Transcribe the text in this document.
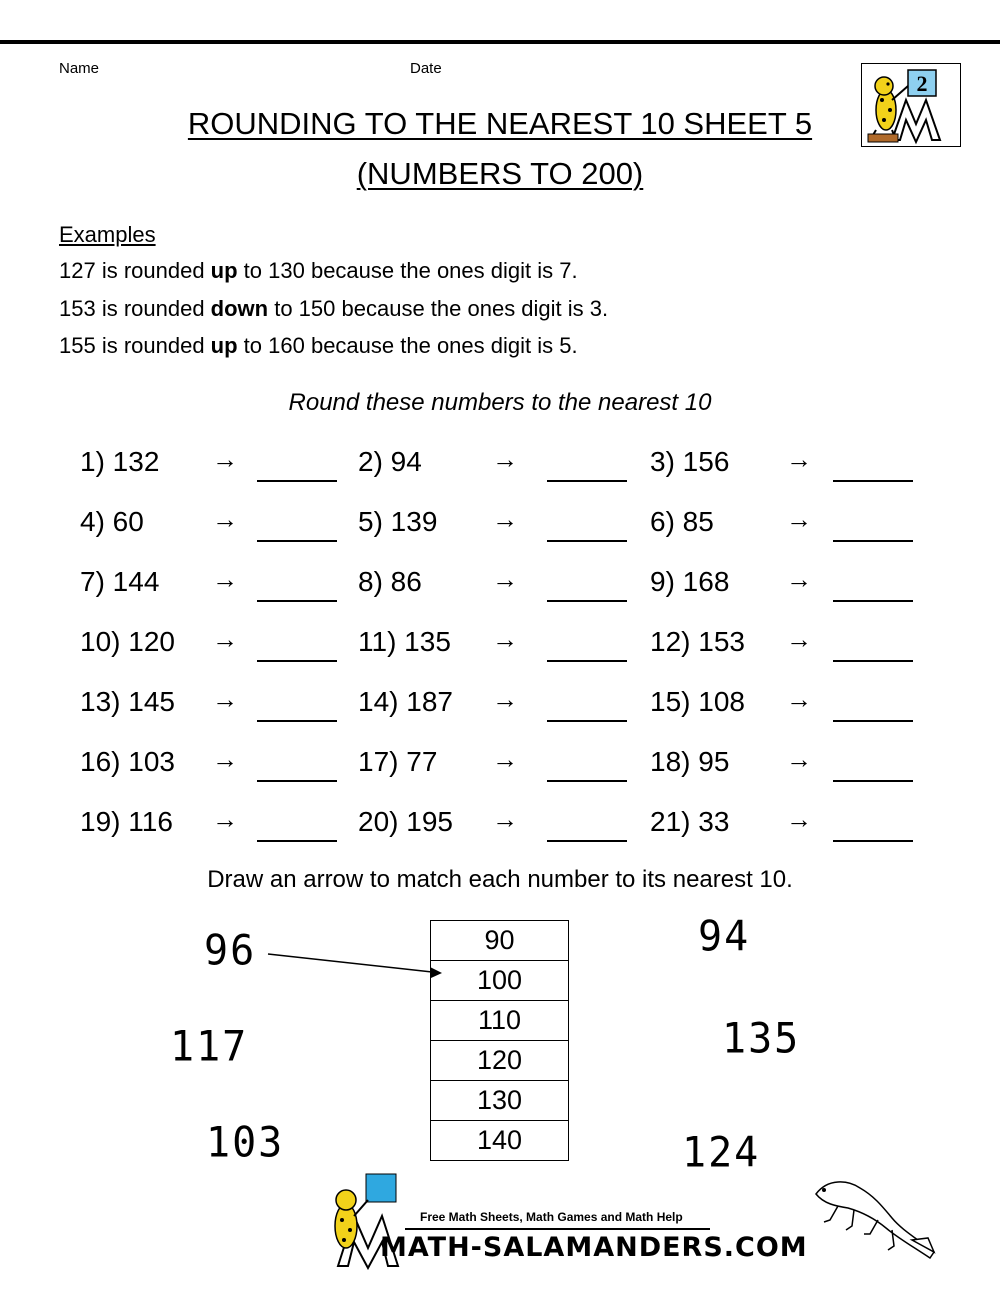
Name	Date
2
ROUNDING TO THE NEAREST 10 SHEET 5
(NUMBERS TO 200)
Examples
127 is rounded up to 130 because the ones digit is 7.
153 is rounded down to 150 because the ones digit is 3.
155 is rounded up to 160 because the ones digit is 5.
Round these numbers to the nearest 10
1) 132 →	2) 94	→	3) 156 →
4) 60	→	5) 139 →	6) 85	→
7) 144 →	8) 86	→	9) 168 →
10) 120 →	11) 135 →	12) 153 →
13) 145 →	14) 187 →	15) 108 →
16) 103 →	17) 77 →	18) 95 →
19) 116 →	20) 195 →	21) 33 →
Draw an arrow to match each number to its nearest 10.
90
100
110
120
130
140
96
117
103
94
135
124
Free Math Sheets, Math Games and Math Help
MATH-SALAMANDERS.COM
